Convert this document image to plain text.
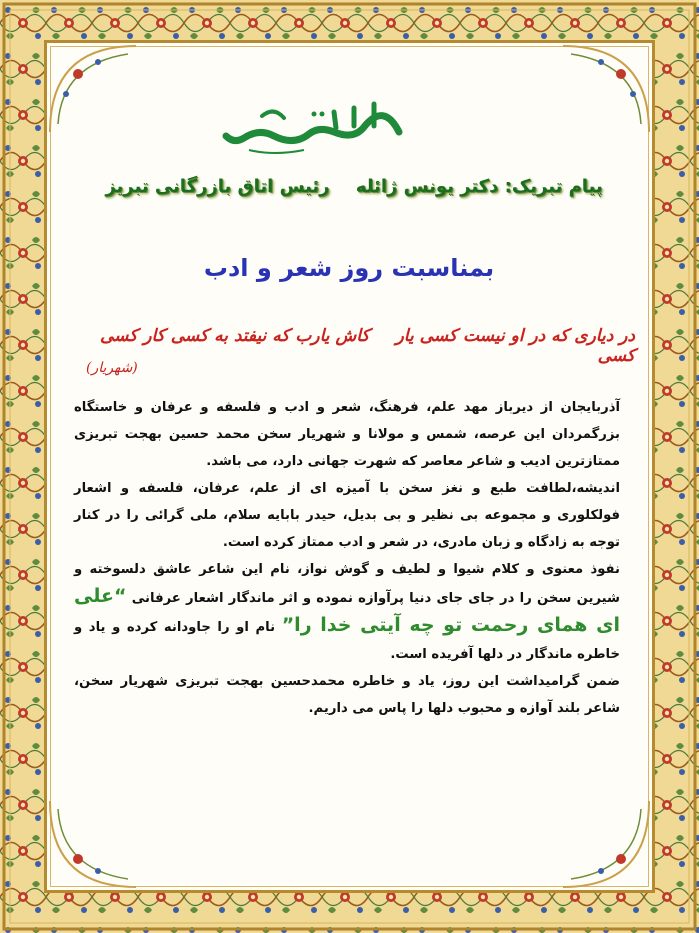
پیام تبریک: دکتر یونس ژائله رئیس اتاق بازرگانی تبریز
بمناسبت روز شعر و ادب
در دیاری که در او نیست کسی یار کسی
کاش یارب که نیفتد به کسی کار کسی
(شهریار)

آذربایجان از دیرباز مهد علم، فرهنگ، شعر و ادب و فلسفه و عرفان و خاستگاه بزرگمردان این عرصه، شمس و مولانا و شهریار سخن محمد حسین بهجت تبریزی ممتازترین ادیب و شاعر معاصر که شهرت جهانی دارد، می باشد.

اندیشه،لطافت طبع و نغز سخن با آمیزه ای از علم، عرفان، فلسفه و اشعار فولکلوری و مجموعه بی نظیر و بی بدیل، حیدر بابایه سلام، ملی گرائی را در کنار توجه به زادگاه و زبان مادری، در شعر و ادب ممتاز کرده است.

نفوذ معنوی و کلام شیوا و لطیف و گوش نواز، نام این شاعر عاشق دلسوخته و شیرین سخن را در جای جای دنیا پرآوازه نموده و اثر ماندگار اشعار عرفانی “علی ای همای رحمت تو چه آیتی خدا را” نام او را جاودانه کرده و یاد و خاطره ماندگار در دلها آفریده است.

ضمن گرامیداشت این روز، یاد و خاطره محمدحسین بهجت تبریزی شهریار سخن، شاعر بلند آوازه و محبوب دلها را پاس می داریم.
